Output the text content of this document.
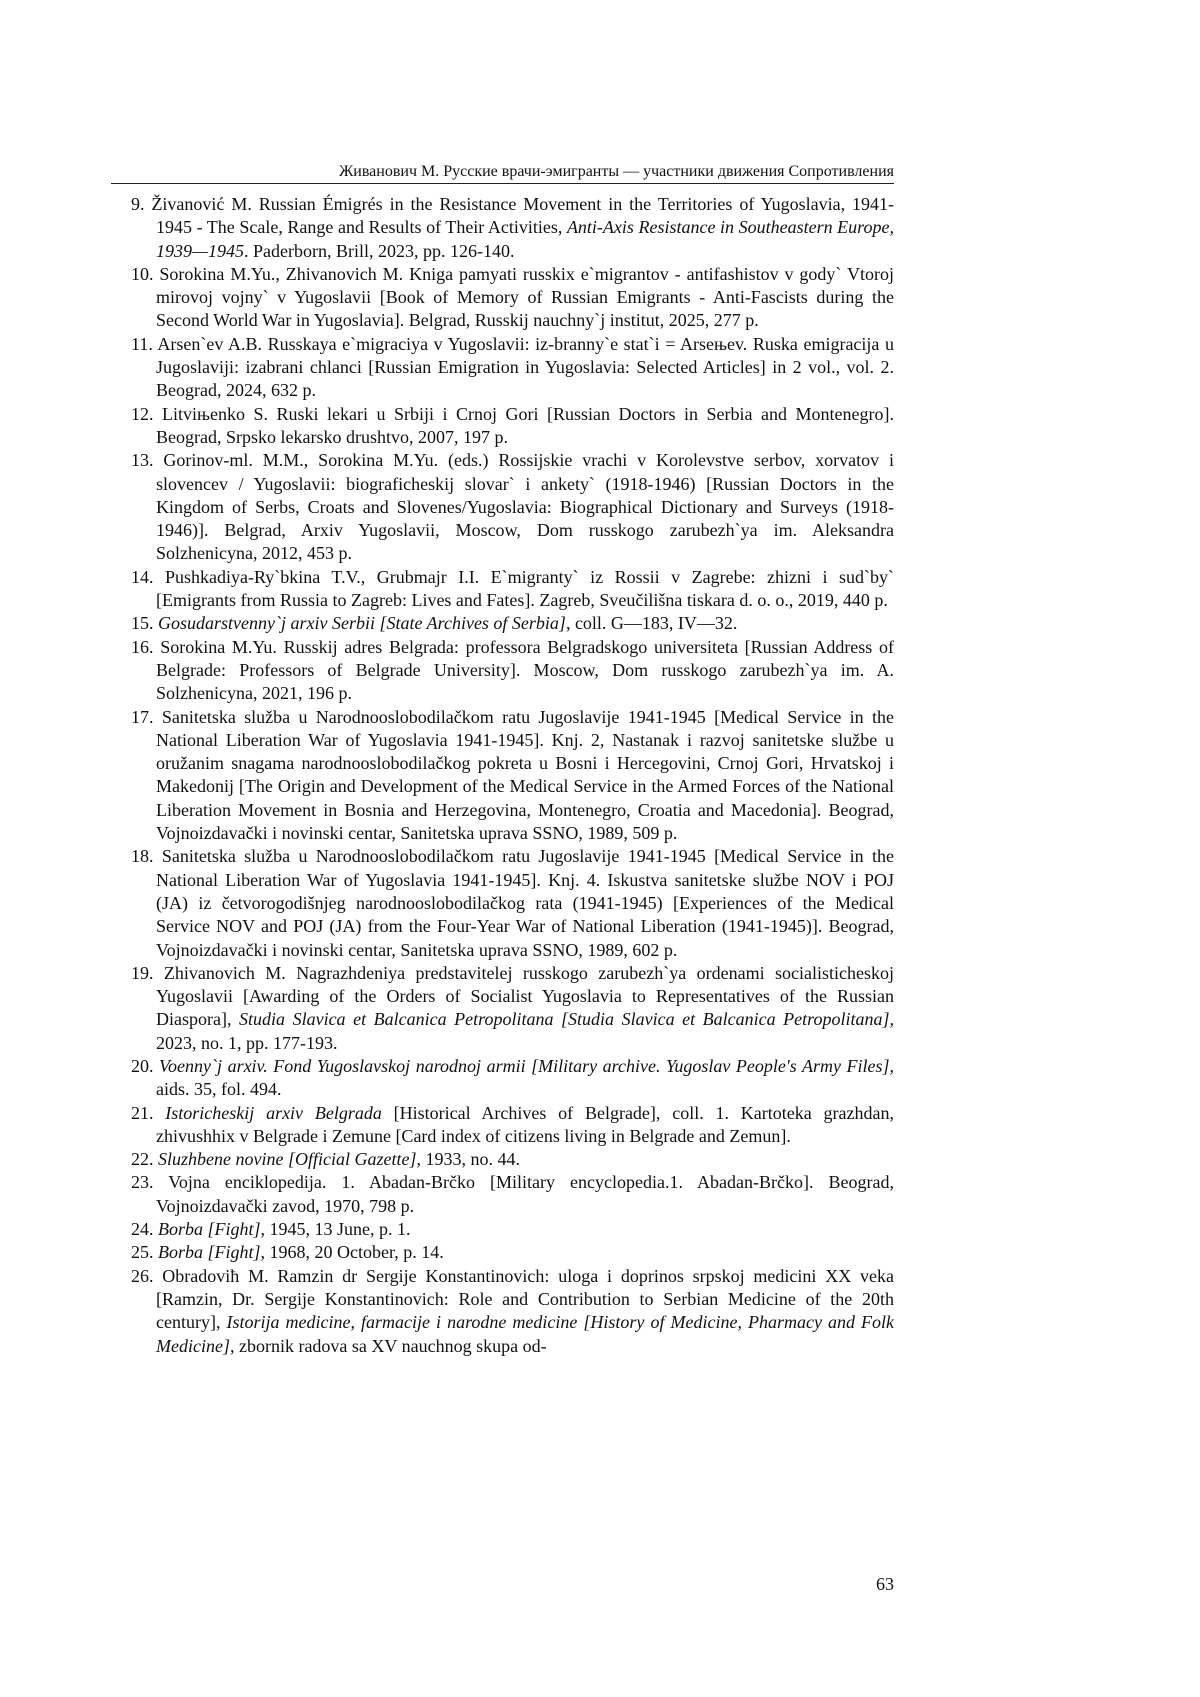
Живанович М. Русские врачи-эмигранты — участники движения Сопротивления

9. Živanović M. Russian Émigrés in the Resistance Movement in the Territories of Yugoslavia, 1941-1945 - The Scale, Range and Results of Their Activities, Anti-Axis Resistance in Southeastern Europe, 1939—1945. Paderborn, Brill, 2023, pp. 126-140.

10. Sorokina M.Yu., Zhivanovich M. Kniga pamyati russkix e`migrantov - antifashistov v gody` Vtoroj mirovoj vojny` v Yugoslavii [Book of Memory of Russian Emigrants - Anti-Fascists during the Second World War in Yugoslavia]. Belgrad, Russkij nauchny`j institut, 2025, 277 p.

11. Arsen`ev A.B. Russkaya e`migraciya v Yugoslavii: iz-branny`e stat`i = Arseњev. Ruska emigracija u Jugoslaviji: izabrani chlanci [Russian Emigration in Yugoslavia: Selected Articles] in 2 vol., vol. 2. Beograd, 2024, 632 p.

12. Litviњenko S. Ruski lekari u Srbiji i Crnoj Gori [Russian Doctors in Serbia and Montenegro]. Beograd, Srpsko lekarsko drushtvo, 2007, 197 p.

13. Gorinov-ml. M.M., Sorokina M.Yu. (eds.) Rossijskie vrachi v Korolevstve serbov, xorvatov i slovencev / Yugoslavii: biograficheskij slovar` i ankety` (1918-1946) [Russian Doctors in the Kingdom of Serbs, Croats and Slovenes/Yugoslavia: Biographical Dictionary and Surveys (1918-1946)]. Belgrad, Arxiv Yugoslavii, Moscow, Dom russkogo zarubezh`ya im. Aleksandra Solzhenicyna, 2012, 453 p.

14. Pushkadiya-Ry`bkina T.V., Grubmajr I.I. E`migranty` iz Rossii v Zagrebe: zhizni i sud`by` [Emigrants from Russia to Zagreb: Lives and Fates]. Zagreb, Sveučilišna tiskara d. o. o., 2019, 440 p.

15. Gosudarstvenny`j arxiv Serbii [State Archives of Serbia], coll. G—183, IV—32.

16. Sorokina M.Yu. Russkij adres Belgrada: professora Belgradskogo universiteta [Russian Address of Belgrade: Professors of Belgrade University]. Moscow, Dom russkogo zarubezh`ya im. A. Solzhenicyna, 2021, 196 p.

17. Sanitetska služba u Narodnooslobodilačkom ratu Jugoslavije 1941-1945 [Medical Service in the National Liberation War of Yugoslavia 1941-1945]. Knj. 2, Nastanak i razvoj sanitetske službe u oružanim snagama narodnooslobodilačkog pokreta u Bosni i Hercegovini, Crnoj Gori, Hrvatskoj i Makedonij [The Origin and Development of the Medical Service in the Armed Forces of the National Liberation Movement in Bosnia and Herzegovina, Montenegro, Croatia and Macedonia]. Beograd, Vojnoizdavački i novinski centar, Sanitetska uprava SSNO, 1989, 509 p.

18. Sanitetska služba u Narodnooslobodilačkom ratu Jugoslavije 1941-1945 [Medical Service in the National Liberation War of Yugoslavia 1941-1945]. Knj. 4. Iskustva sanitetske službe NOV i POJ (JA) iz četvorogodišnjeg narodnooslobodilačkog rata (1941-1945) [Experiences of the Medical Service NOV and POJ (JA) from the Four-Year War of National Liberation (1941-1945)]. Beograd, Vojnoizdavački i novinski centar, Sanitetska uprava SSNO, 1989, 602 p.

19. Zhivanovich M. Nagrazhdeniya predstavitelej russkogo zarubezh`ya ordenami socialisticheskoj Yugoslavii [Awarding of the Orders of Socialist Yugoslavia to Representatives of the Russian Diaspora], Studia Slavica et Balcanica Petropolitana [Studia Slavica et Balcanica Petropolitana], 2023, no. 1, pp. 177-193.

20. Voenny`j arxiv. Fond Yugoslavskoj narodnoj armii [Military archive. Yugoslav People's Army Files], aids. 35, fol. 494.

21. Istoricheskij arxiv Belgrada [Historical Archives of Belgrade], coll. 1. Kartoteka grazhdan, zhivushhix v Belgrade i Zemune [Card index of citizens living in Belgrade and Zemun].

22. Sluzhbene novine [Official Gazette], 1933, no. 44.

23. Vojna enciklopedija. 1. Abadan-Brčko [Military encyclopedia.1. Abadan-Brčko]. Beograd, Vojnoizdavački zavod, 1970, 798 p.

24. Borba [Fight], 1945, 13 June, p. 1.

25. Borba [Fight], 1968, 20 October, p. 14.

26. Obradoviћ M. Ramzin dr Sergije Konstantinovich: uloga i doprinos srpskoj medicini XX veka [Ramzin, Dr. Sergije Konstantinovich: Role and Contribution to Serbian Medicine of the 20th century], Istorija medicine, farmacije i narodne medicine [History of Medicine, Pharmacy and Folk Medicine], zbornik radova sa XV nauchnog skupa od-

63
